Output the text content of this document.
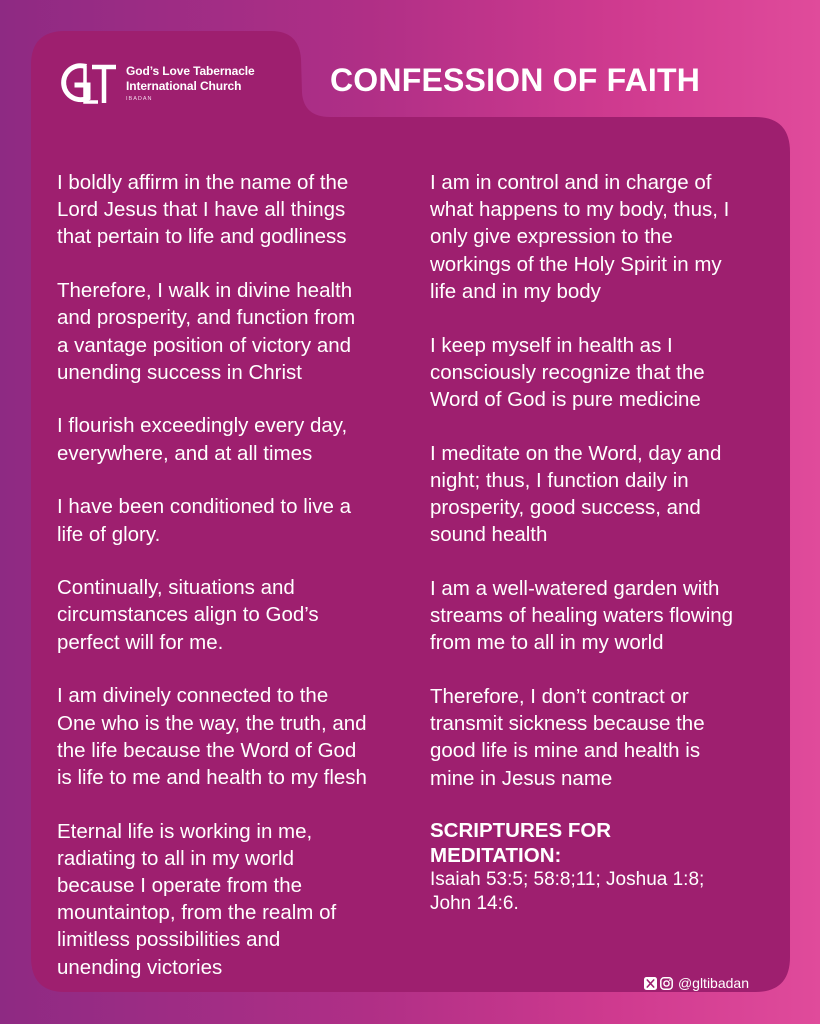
God’s Love Tabernacle
International Church
IBADAN
CONFESSION OF FAITH
I boldly affirm in the name of the
Lord Jesus that I have all things
that pertain to life and godliness
Therefore, I walk in divine health
and prosperity, and function from
a vantage position of victory and
unending success in Christ
I flourish exceedingly every day,
everywhere, and at all times
I have been conditioned to live a
life of glory.
Continually, situations and
circumstances align to God’s
perfect will for me.
I am divinely connected to the
One who is the way, the truth, and
the life because the Word of God
is life to me and health to my flesh
Eternal life is working in me,
radiating to all in my world
because I operate from the
mountaintop, from the realm of
limitless possibilities and
unending victories
I am in control and in charge of
what happens to my body, thus, I
only give expression to the
workings of the Holy Spirit in my
life and in my body
I keep myself in health as I
consciously recognize that the
Word of God is pure medicine
I meditate on the Word, day and
night; thus, I function daily in
prosperity, good success, and
sound health
I am a well-watered garden with
streams of healing waters flowing
from me to all in my world
Therefore, I don’t contract or
transmit sickness because the
good life is mine and health is
mine in Jesus name
SCRIPTURES FOR
MEDITATION:
Isaiah 53:5; 58:8;11; Joshua 1:8;
John 14:6.
@gltibadan
